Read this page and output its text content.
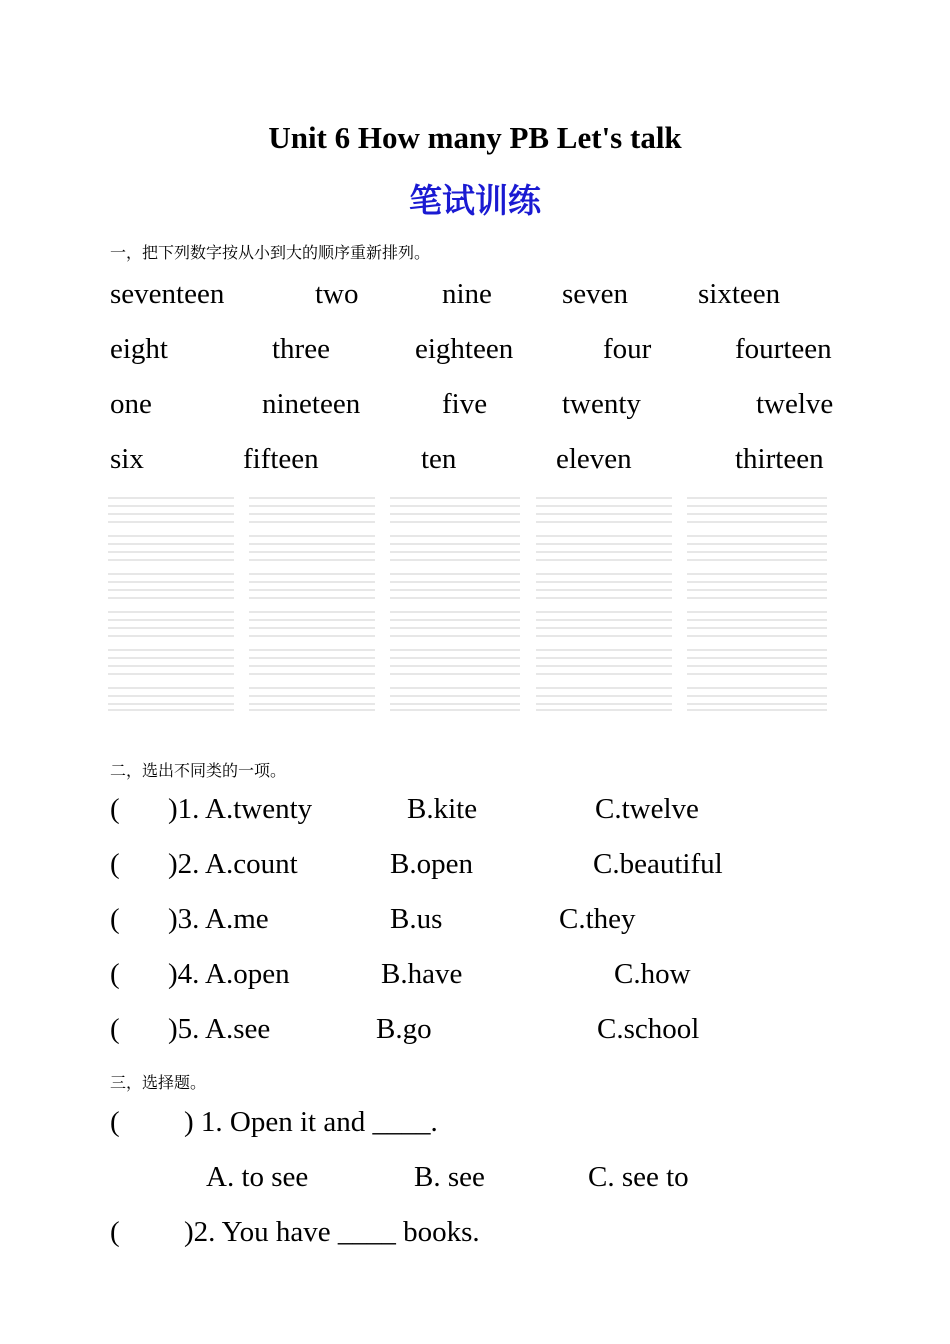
Unit 6 How many PB Let's talk
笔试训练
一，把下列数字按从小到大的顺序重新排列。
seventeen	two	nine seven sixteen
eight	three	eighteen	four	fourteen
one	nineteen	five	twenty	twelve
six	fifteen	ten	eleven	thirteen
二，选出不同类的一项。
( )1. A.twenty	B.kite	C.twelve
( )2. A.count	B.open	C.beautiful
( )3. A.me	B.us	C.they
( )4. A.open	B.have	C.how
( )5. A.see	B.go	C.school
三，选择题。
( ) 1. Open it and ____.
A. to see	B. see	C. see to
( )2. You have ____ books.
